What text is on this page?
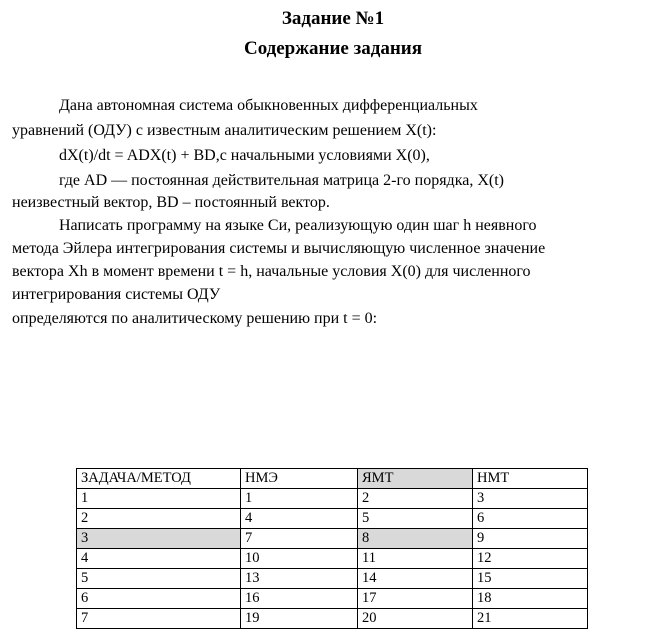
Задание №1
Содержание задания
Дана автономная система обыкновенных дифференциальных
уравнений (ОДУ) с известным аналитическим решением X(t):
dX(t)/dt = ADX(t) + BD,с начальными условиями X(0),
где AD — постоянная действительная матрица 2-го порядка, X(t)
неизвестный вектор, BD – постоянный вектор.
Написать программу на языке Си, реализующую один шаг h неявного
метода Эйлера интегрирования системы и вычисляющую численное значение
вектора Xh в момент времени t = h, начальные условия X(0) для численного
интегрирования системы ОДУ
определяются по аналитическому решению при t = 0:
ЗАДАЧА/МЕТОД	НМЭ	ЯМТ	НМТ
1	1	2	3
2	4	5	6
3	7	8	9
4	10	11	12
5	13	14	15
6	16	17	18
7	19	20	21
